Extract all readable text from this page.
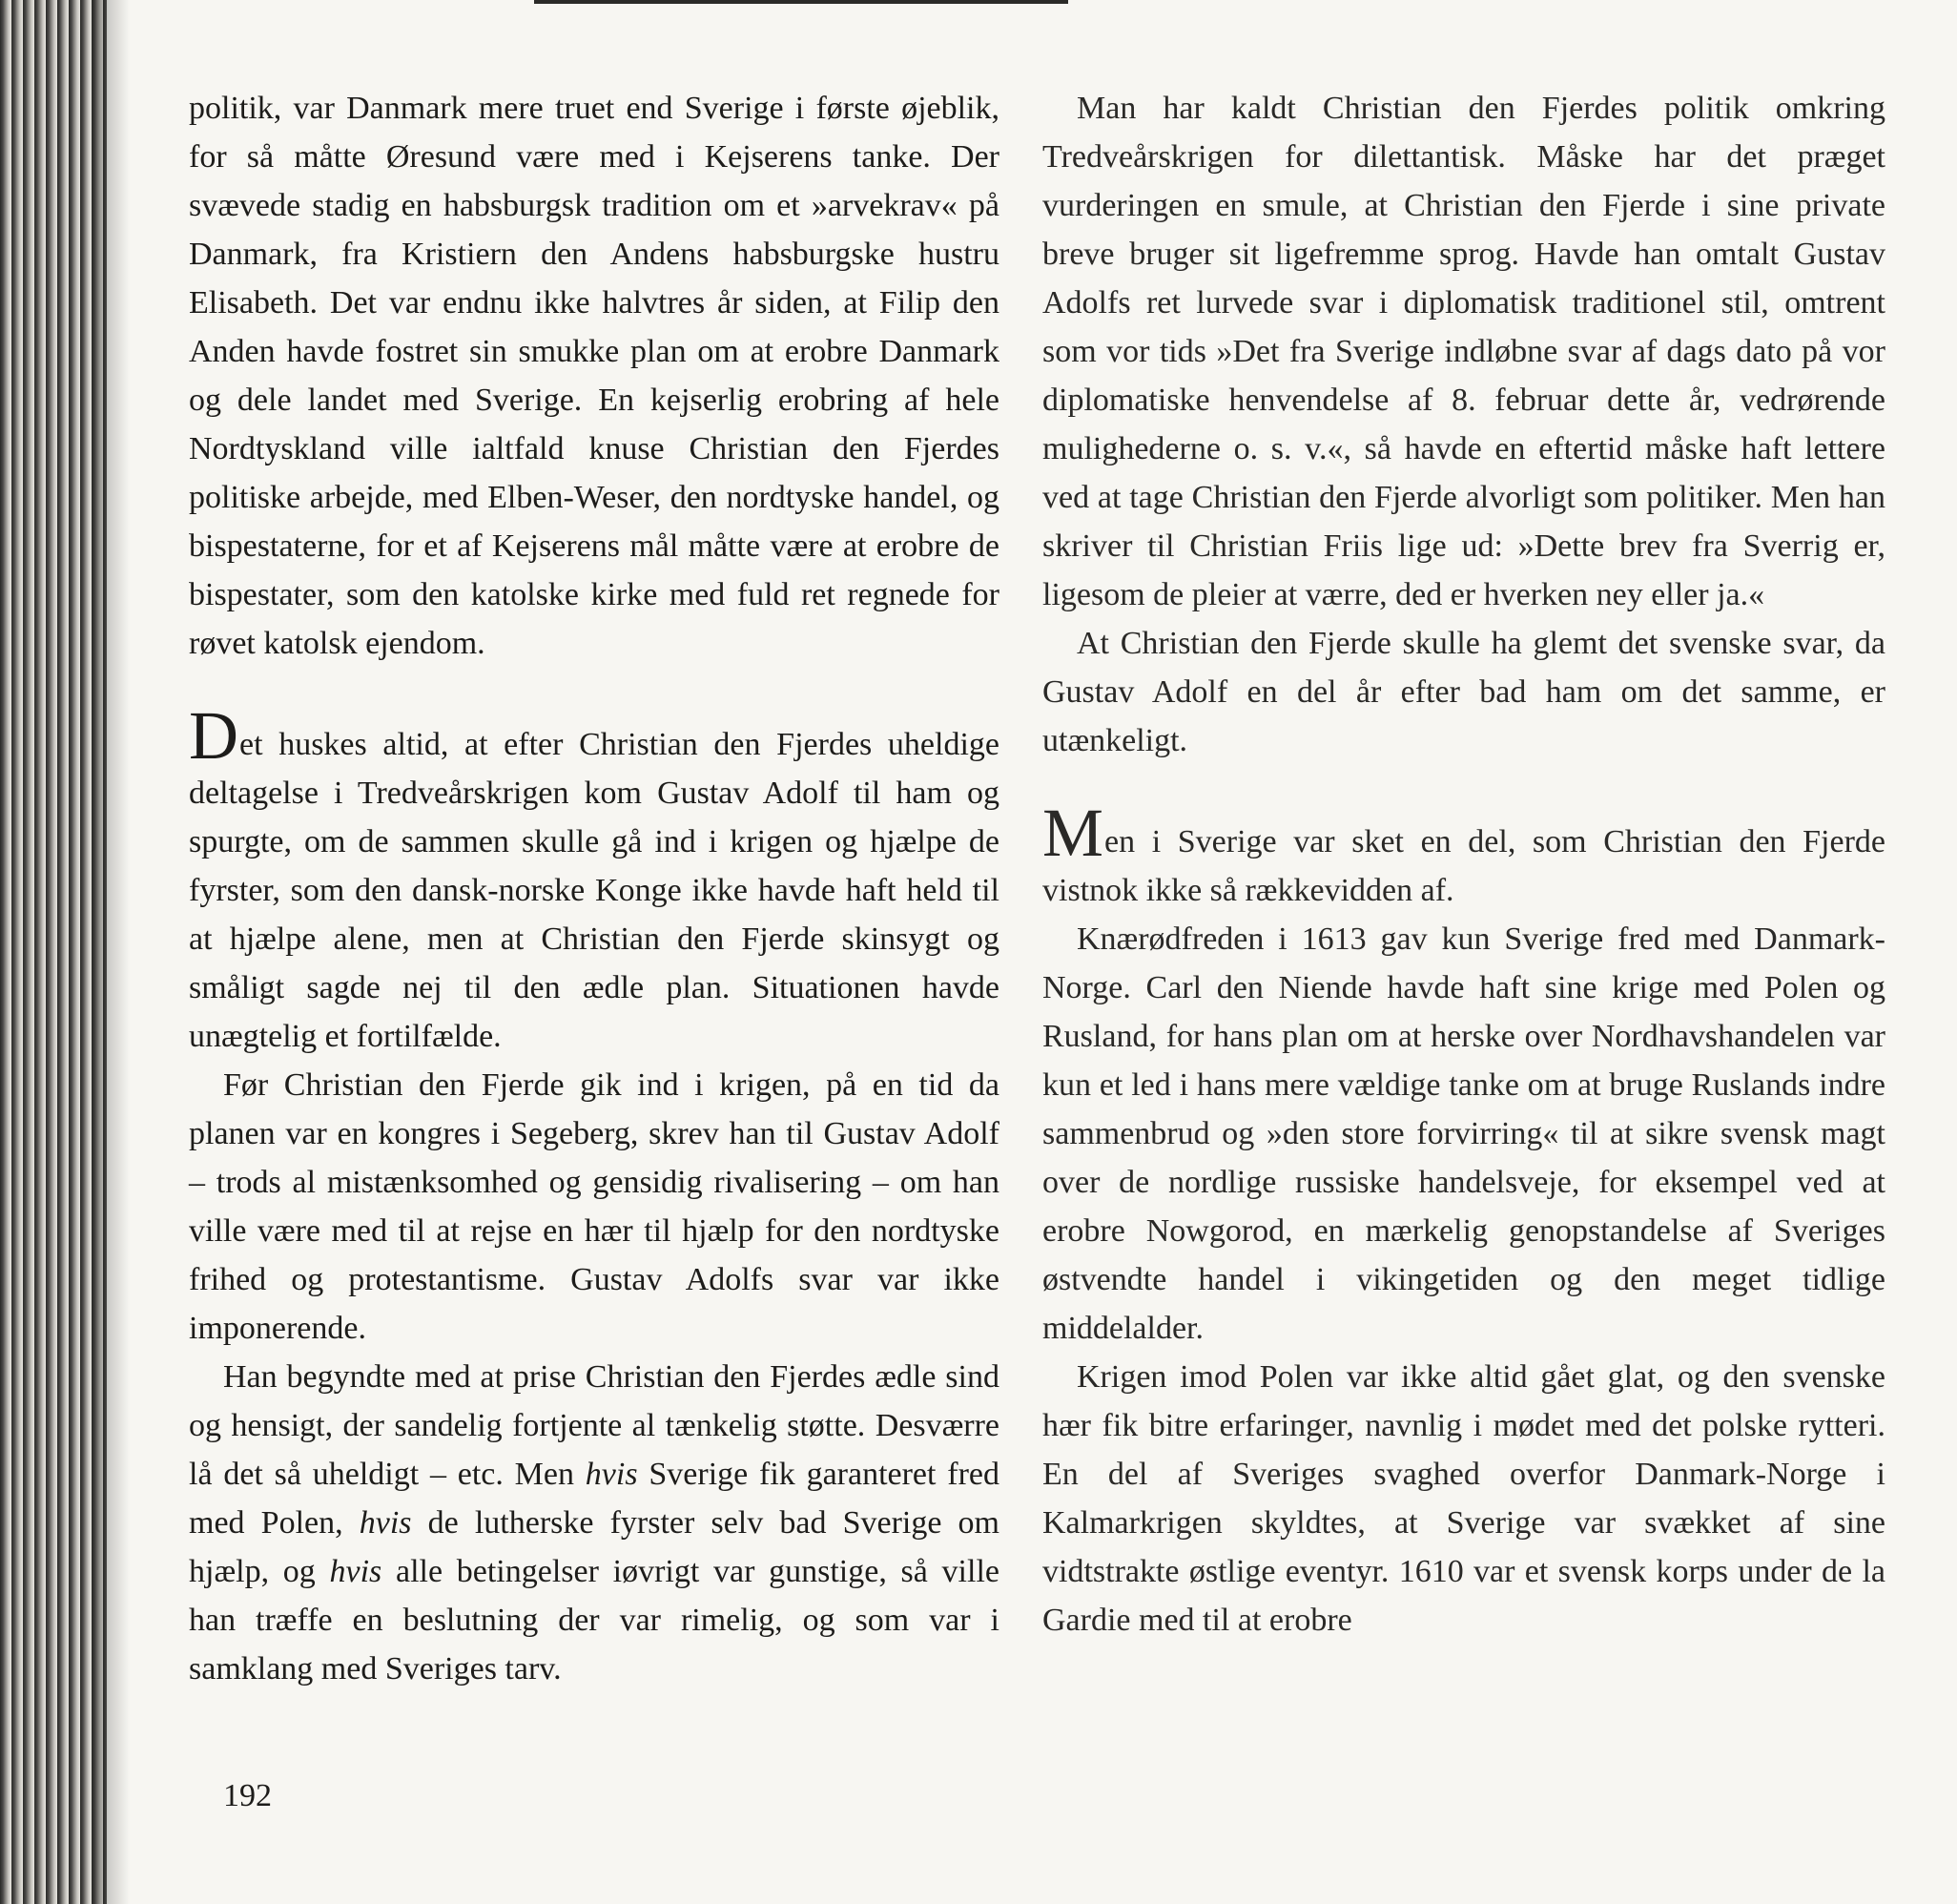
politik, var Danmark mere truet end Sverige i første øjeblik, for så måtte Øresund være med i Kejserens tanke. Der svævede stadig en habsburgsk tradition om et »arvekrav« på Danmark, fra Kristiern den Andens habsburgske hustru Elisabeth. Det var endnu ikke halvtres år siden, at Filip den Anden havde fostret sin smukke plan om at erobre Danmark og dele landet med Sverige. En kejserlig erobring af hele Nordtyskland ville ialtfald knuse Christian den Fjerdes politiske arbejde, med Elben-Weser, den nordtyske handel, og bispestaterne, for et af Kejserens mål måtte være at erobre de bispestater, som den katolske kirke med fuld ret regnede for røvet katolsk ejendom.

Det huskes altid, at efter Christian den Fjerdes uheldige deltagelse i Tredveårskrigen kom Gustav Adolf til ham og spurgte, om de sammen skulle gå ind i krigen og hjælpe de fyrster, som den dansk-norske Konge ikke havde haft held til at hjælpe alene, men at Christian den Fjerde skinsygt og småligt sagde nej til den ædle plan. Situationen havde unægtelig et fortilfælde.

Før Christian den Fjerde gik ind i krigen, på en tid da planen var en kongres i Segeberg, skrev han til Gustav Adolf – trods al mistænksomhed og gensidig rivalisering – om han ville være med til at rejse en hær til hjælp for den nordtyske frihed og protestantisme. Gustav Adolfs svar var ikke imponerende.

Han begyndte med at prise Christian den Fjerdes ædle sind og hensigt, der sandelig fortjente al tænkelig støtte. Desværre lå det så uheldigt – etc. Men hvis Sverige fik garanteret fred med Polen, hvis de lutherske fyrster selv bad Sverige om hjælp, og hvis alle betingelser iøvrigt var gunstige, så ville han træffe en beslutning der var rimelig, og som var i samklang med Sveriges tarv.

Man har kaldt Christian den Fjerdes politik omkring Tredveårskrigen for dilettantisk. Måske har det præget vurderingen en smule, at Christian den Fjerde i sine private breve bruger sit ligefremme sprog. Havde han omtalt Gustav Adolfs ret lurvede svar i diplomatisk traditionel stil, omtrent som vor tids »Det fra Sverige indløbne svar af dags dato på vor diplomatiske henvendelse af 8. februar dette år, vedrørende mulighederne o. s. v.«, så havde en eftertid måske haft lettere ved at tage Christian den Fjerde alvorligt som politiker. Men han skriver til Christian Friis lige ud: »Dette brev fra Sverrig er, ligesom de pleier at værre, ded er hverken ney eller ja.«

At Christian den Fjerde skulle ha glemt det svenske svar, da Gustav Adolf en del år efter bad ham om det samme, er utænkeligt.

Men i Sverige var sket en del, som Christian den Fjerde vistnok ikke så rækkevidden af.

Knærødfreden i 1613 gav kun Sverige fred med Danmark-Norge. Carl den Niende havde haft sine krige med Polen og Rusland, for hans plan om at herske over Nordhavshandelen var kun et led i hans mere vældige tanke om at bruge Ruslands indre sammenbrud og »den store forvirring« til at sikre svensk magt over de nordlige russiske handelsveje, for eksempel ved at erobre Nowgorod, en mærkelig genopstandelse af Sveriges østvendte handel i vikingetiden og den meget tidlige middelalder.

Krigen imod Polen var ikke altid gået glat, og den svenske hær fik bitre erfaringer, navnlig i mødet med det polske rytteri. En del af Sveriges svaghed overfor Danmark-Norge i Kalmarkrigen skyldtes, at Sverige var svækket af sine vidtstrakte østlige eventyr. 1610 var et svensk korps under de la Gardie med til at erobre

192
